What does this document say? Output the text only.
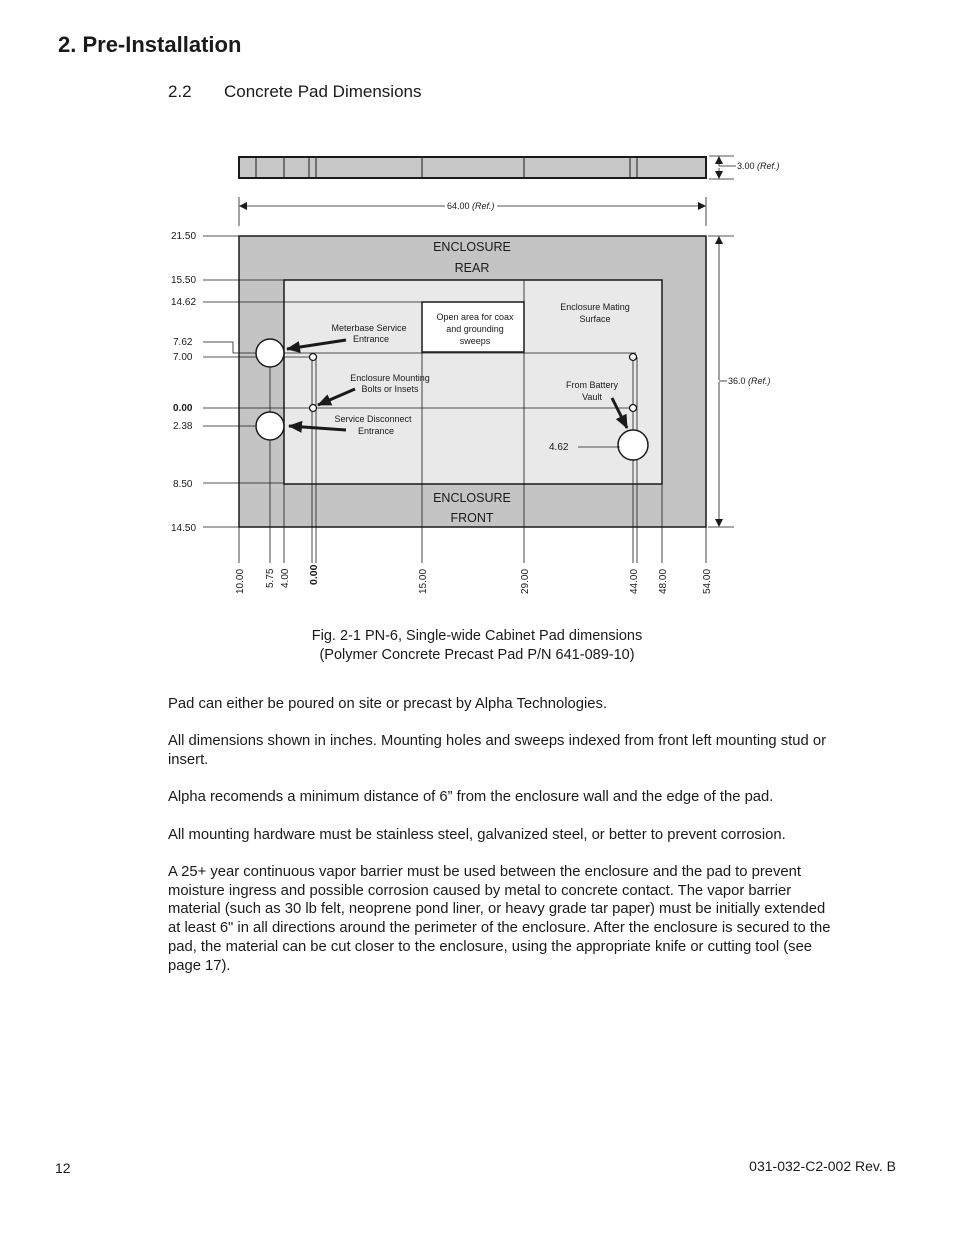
2. Pre-Installation
2.2 Concrete Pad Dimensions
3.00 (Ref.)
64.00 (Ref.)
36.0 (Ref.)
ENCLOSURE
REAR
ENCLOSURE
FRONT
Meterbase Service
Entrance
Open area for coax
and grounding
sweeps
Enclosure Mating
Surface
Enclosure Mounting
Bolts or Insets	From Battery
Vault
Service Disconnect
Entrance
4.62
21.50
15.50
14.62
7.62
7.00
0.00
2.38
8.50
14.50
10.00 5.75 4.00 0.00	15.00	29.00	44.00 48.00	54.00
Fig. 2-1 PN-6, Single-wide Cabinet Pad dimensions
(Polymer Concrete Precast Pad P/N 641-089-10)
Pad can either be poured on site or precast by Alpha Technologies.
All dimensions shown in inches. Mounting holes and sweeps indexed from front left mounting stud or insert.
Alpha recomends a minimum distance of 6” from the enclosure wall and the edge of the pad.
All mounting hardware must be stainless steel, galvanized steel, or better to prevent corrosion.
A 25+ year continuous vapor barrier must be used between the enclosure and the pad to prevent moisture ingress and possible corrosion caused by metal to concrete contact. The vapor barrier material (such as 30 lb felt, neoprene pond liner, or heavy grade tar paper) must be initially extended at least 6" in all directions around the perimeter of the enclosure. After the enclosure is secured to the pad, the material can be cut closer to the enclosure, using the appropriate knife or cutting tool (see page 17).
12	031-032-C2-002 Rev. B
